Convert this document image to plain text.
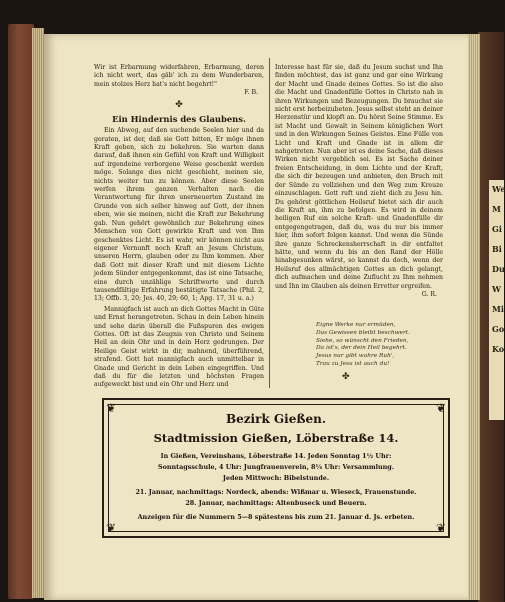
We
M
Gi
Bi
Du
W
Mi
Go
Ko

Wir ist Erbarmung widerfahren, Erbarmung, deren ich nicht wert, das gäb' ich zu dem Wunderbaren, mein stolzes Herz hat's nicht begehrt!"

F. B.

✤
Ein Hindernis des Glaubens.

Ein Abweg, auf den suchende Seelen hier und da geraten, ist der, daß sie Gott bitten, Er möge ihnen Kraft geben, sich zu bekehren. Sie warten dann darauf, daß ihnen ein Gefühl von Kraft und Willigkeit auf irgendeine verborgene Weise geschenkt werden möge. Solange dies nicht geschieht, meinen sie, nichts weiter tun zu können. Aber diese Seelen werfen ihrem ganzen Verhalten nach die Verantwortung für ihren unerneuerten Zustand im Grunde von sich selber hinweg auf Gott, der ihnen eben, wie sie meinen, nicht die Kraft zur Bekehrung gab. Nun gehört gewöhnlich zur Bekehrung eines Menschen von Gott gewirkte Kraft und von Ihm geschenktes Licht. Es ist wahr, wir können nicht aus eigener Vernunft noch Kraft an Jesum Christum, unseren Herrn, glauben oder zu Ihm kommen. Aber daß Gott mit dieser Kraft und mit diesem Lichte jedem Sünder entgegenkommt, das ist eine Tatsache, eine durch unzählige Schriftworte und durch tausendfältige Erfahrung bestätigte Tatsache (Phil. 2, 13; Offb. 3, 20; Jes. 40, 29; 60, 1; Apg. 17, 31 u. a.)

Mannigfach ist auch an dich Gottes Macht in Güte und Ernst herangetreten. Schau in dein Leben hinein und sehe darin überall die Fußspuren des ewigen Gottes. Oft ist das Zeugnis von Christo und Seinem Heil an dein Ohr und in dein Herz gedrungen. Der Heilige Geist wirkt in dir, mahnend, überführend, strafend. Gott hat mannigfach auch unmittelbar in Gnade und Gericht in dein Leben eingegriffen. Und daß du für die letzten und höchsten Fragen aufgeweckt bist und ein Ohr und Herz und

Interesse hast für sie, daß du Jesum suchst und Ihn finden möchtest, das ist ganz und gar eine Wirkung der Macht und Gnade deines Gottes. So ist die also die Macht und Gnadenfülle Gottes in Christo nah in ihren Wirkungen und Bezeugungen. Du brauchst sie nicht erst herbeizubeten. Jesus selbst steht an deiner Herzenstür und klopft an. Du hörst Seine Stimme. Es ist Macht und Gewalt in Seinem königlichen Wort und in den Wirkungen Seines Geistes. Eine Fülle von Licht und Kraft und Gnade ist in allem dir nahgetreten. Nun aber ist es deine Sache, daß dieses Wirken nicht vergeblich sei. Es ist Sache deiner freien Entscheidung, in dem Lichte und der Kraft, die sich dir bezeugen und anbieten, den Bruch mit der Sünde zu vollziehen und den Weg zum Kreuze einzuschlagen. Gott ruft und zieht dich zu Jesu hin. Du gehörst göttlichen Heilsruf bietet sich dir auch die Kraft an, ihm zu befolgen. Es wird in deinem heiligen Ruf ein solche Kraft- und Gnadenfülle dir entgegengetragen, daß du, was du nur bis immer hier, ihm sofort folgen kannst. Und wenn die Sünde ihre ganze Schreckensherrschaft in dir entfaltet hätte, und wenn du bis an den Rand der Hölle hinabgesunken wärst, so kannst du doch, wenn der Heilsruf des allmächtigen Gottes an dich gelangt, dich aufmachen und deine Zuflucht zu Ihm nehmen und Ihn im Glauben als deinen Erretter ergreifen.

G. R.

Eigne Werke nur ermüden,
Das Gewissen bleibt beschwert.
Siehe, so wünscht den Frieden,
Da ist's, der dein Heil begehrt.
Jesus nur gibt wahre Ruh',
Trau zu Jesu ist auch du!
✤
❦	❦
❦	❦
Bezirk Gießen.
Stadtmission Gießen, Löberstraße 14.
In Gießen, Vereinshaus, Löberstraße 14. Jeden Sonntag 1½ Uhr:
Sonntagsschule, 4 Uhr: Jungfrauenverein, 8¼ Uhr: Versammlung.
Jeden Mittwoch: Bibelstunde.
21. Januar, nachmittags: Nordeck, abends: Wißmar u. Wieseck, Frauenstunde.
28. Januar, nachmittags: Altenbuseck und Beuern.
Anzeigen für die Nummern 5—8 spätestens bis zum 21. Januar d. Js. erbeten.
